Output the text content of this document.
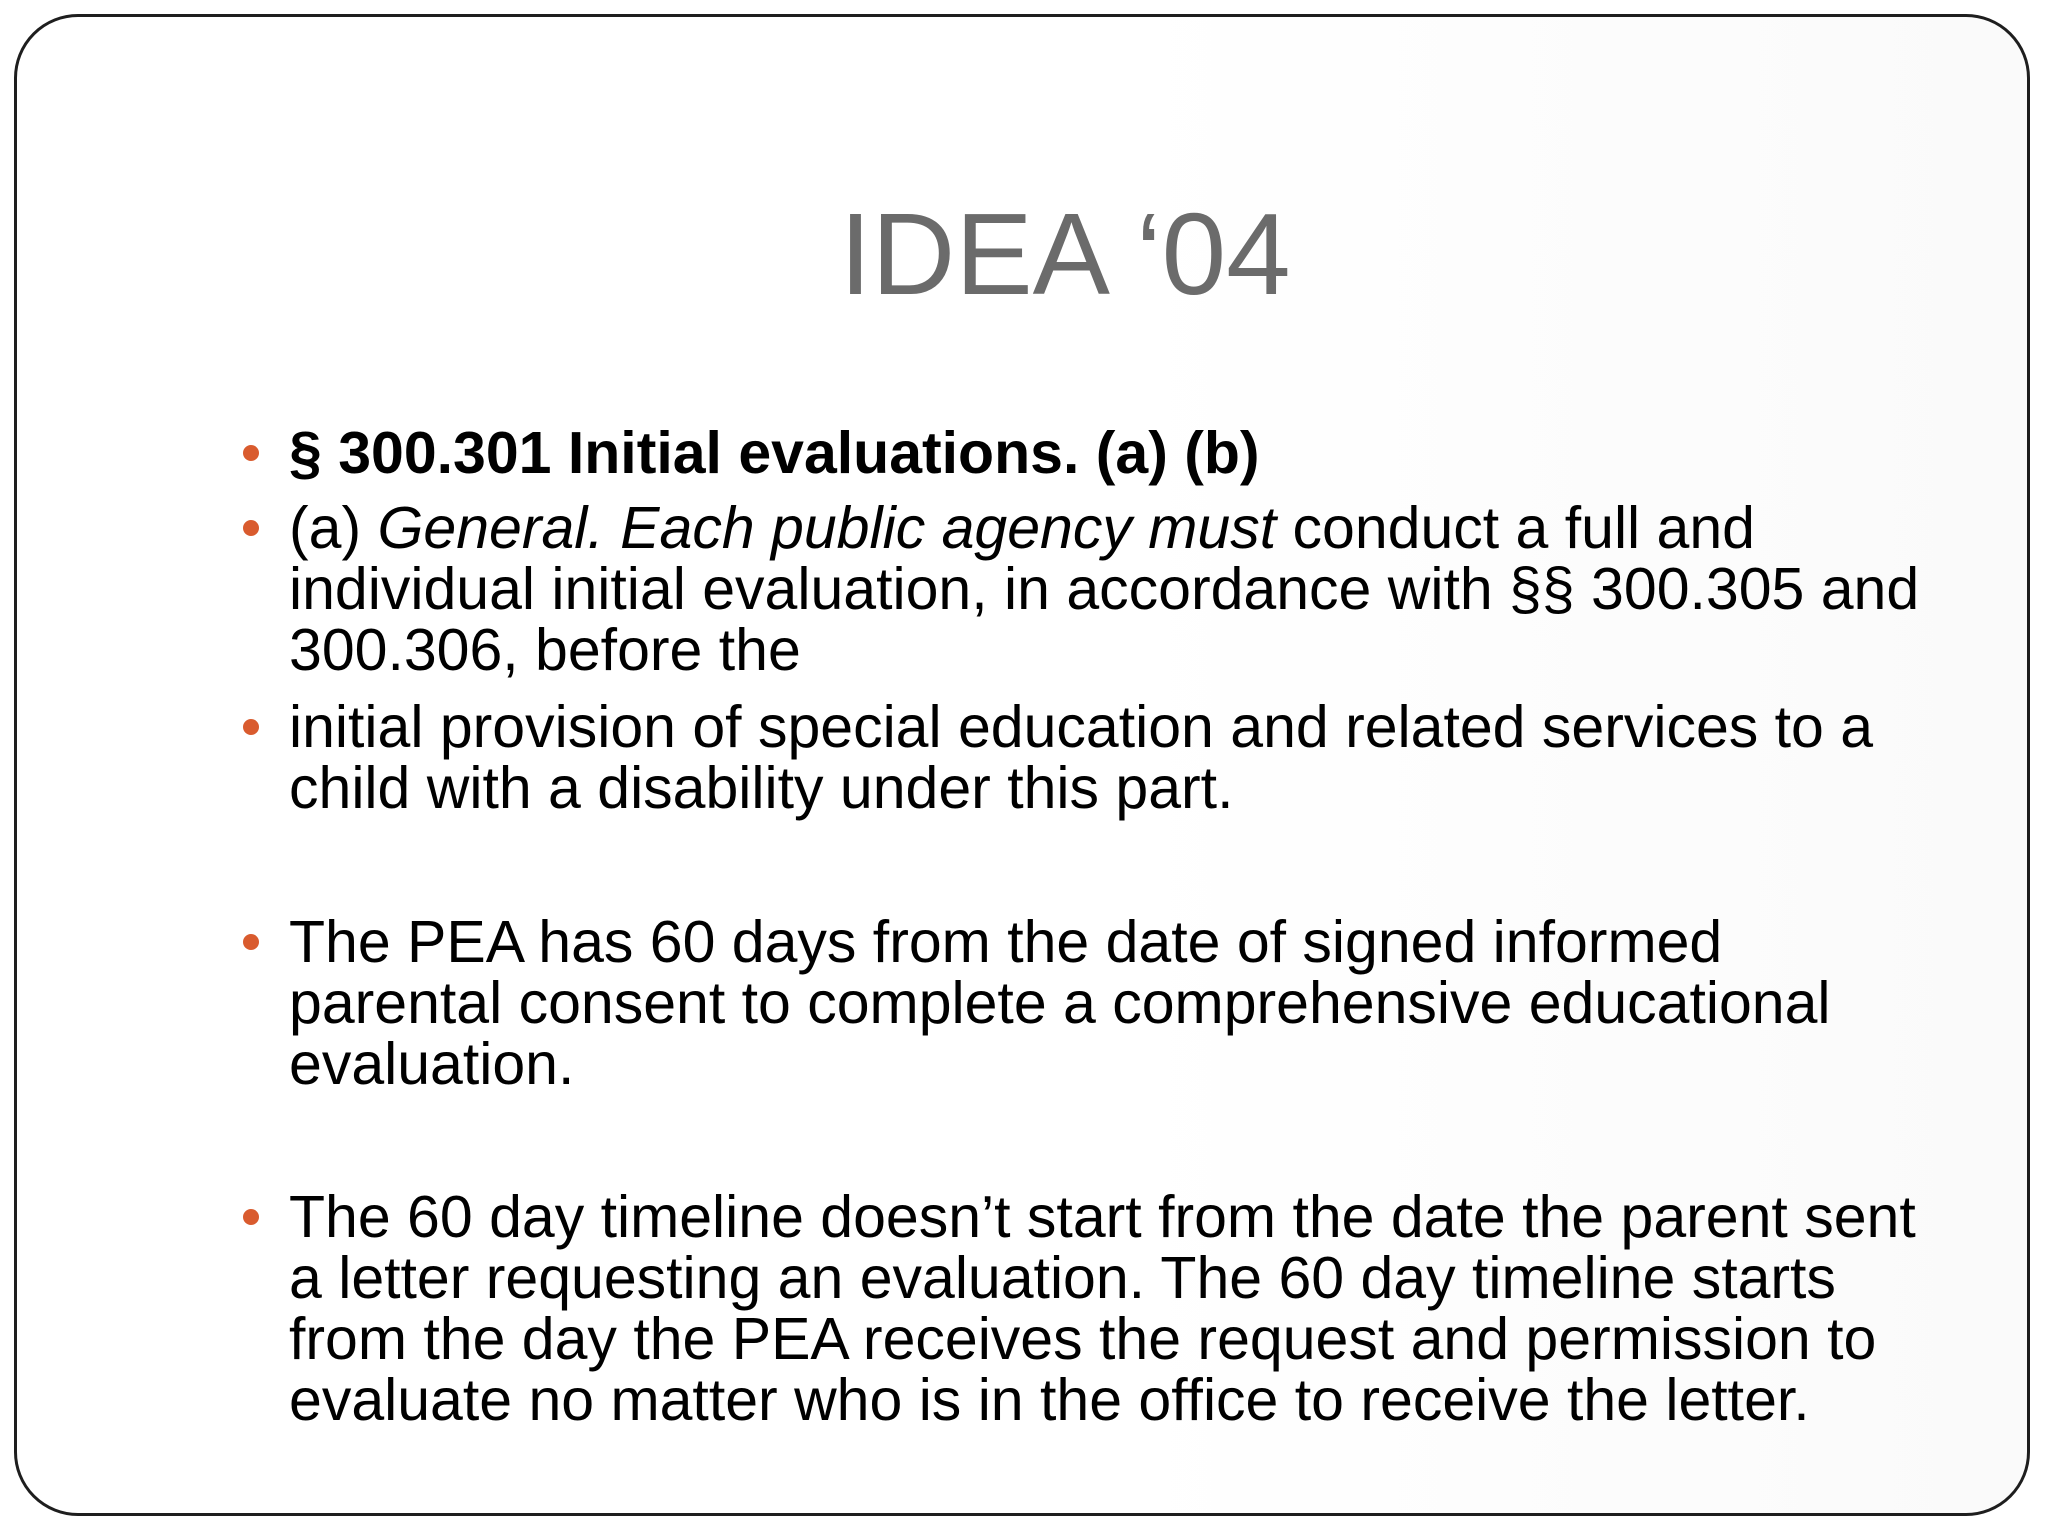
IDEA ‘04
§ 300.301 Initial evaluations. (a) (b)
(a) General. Each public agency must conduct a full and individual initial evaluation, in accordance with §§ 300.305 and 300.306, before the
initial provision of special education and related services to a child with a disability under this part.
The PEA has 60 days from the date of signed informed parental consent to complete a comprehensive educational evaluation.
The 60 day timeline doesn’t start from the date the parent sent a letter requesting an evaluation. The 60 day timeline starts from the day the PEA receives the request and permission to evaluate no matter who is in the office to receive the letter.
